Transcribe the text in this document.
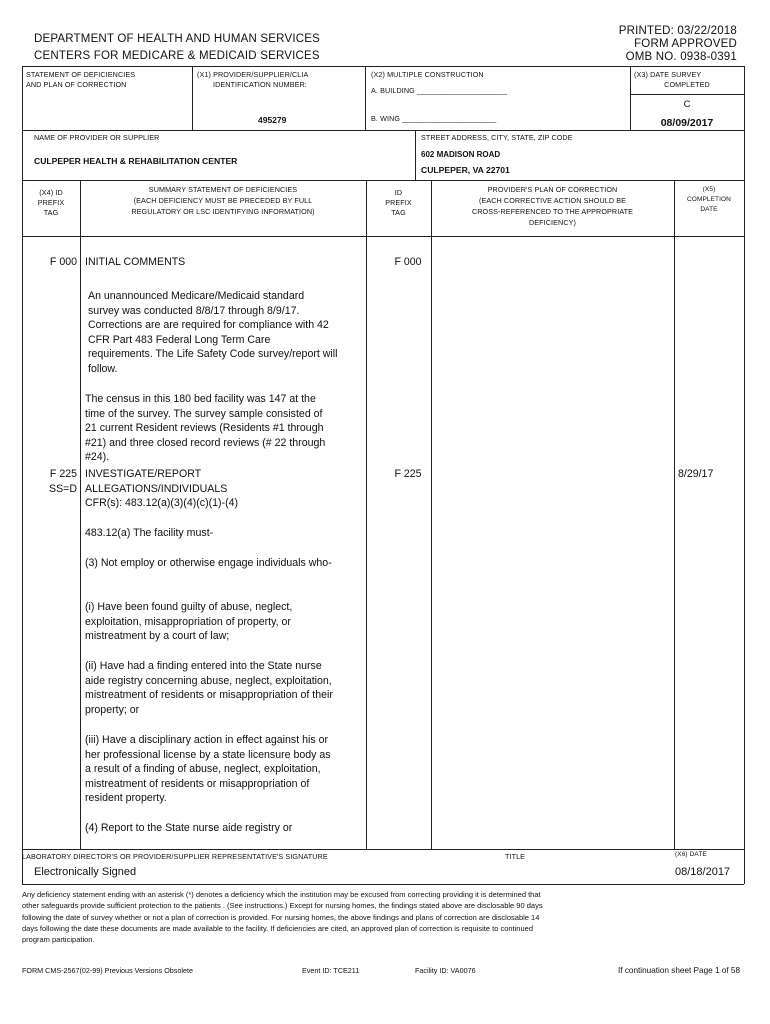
DEPARTMENT OF HEALTH AND HUMAN SERVICES
CENTERS FOR MEDICARE & MEDICAID SERVICES
PRINTED: 03/22/2018
FORM APPROVED
OMB NO. 0938-0391
STATEMENT OF DEFICIENCIES
AND PLAN OF CORRECTION
(X1) PROVIDER/SUPPLIER/CLIA
IDENTIFICATION NUMBER:
495279
(X2) MULTIPLE CONSTRUCTION
A. BUILDING ______________________
B. WING _______________________
(X3) DATE SURVEY
COMPLETED
C
08/09/2017
NAME OF PROVIDER OR SUPPLIER
CULPEPER HEALTH & REHABILITATION CENTER
STREET ADDRESS, CITY, STATE, ZIP CODE
602 MADISON ROAD
CULPEPER, VA 22701
(X4) ID
PREFIX
TAG
SUMMARY STATEMENT OF DEFICIENCIES
(EACH DEFICIENCY MUST BE PRECEDED BY FULL
REGULATORY OR LSC IDENTIFYING INFORMATION)
ID
PREFIX
TAG
PROVIDER'S PLAN OF CORRECTION
(EACH CORRECTIVE ACTION SHOULD BE
CROSS-REFERENCED TO THE APPROPRIATE
DEFICIENCY)
(X5)
COMPLETION
DATE
F 000 INITIAL COMMENTS	F 000
An unannounced Medicare/Medicaid standard survey was conducted 8/8/17 through 8/9/17. Corrections are are required for compliance with 42 CFR Part 483 Federal Long Term Care requirements. The Life Safety Code survey/report will follow.
The census in this 180 bed facility was 147 at the time of the survey. The survey sample consisted of 21 current Resident reviews (Residents #1 through #21) and three closed record reviews (# 22 through #24).
F 225
SS=D
INVESTIGATE/REPORT
ALLEGATIONS/INDIVIDUALS
CFR(s): 483.12(a)(3)(4)(c)(1)-(4)
F 225	8/29/17
483.12(a) The facility must-
(3) Not employ or otherwise engage individuals who-
(i) Have been found guilty of abuse, neglect, exploitation, misappropriation of property, or mistreatment by a court of law;
(ii) Have had a finding entered into the State nurse aide registry concerning abuse, neglect, exploitation, mistreatment of residents or misappropriation of their property; or
(iii) Have a disciplinary action in effect against his or her professional license by a state licensure body as a result of a finding of abuse, neglect, exploitation, mistreatment of residents or misappropriation of resident property.
(4) Report to the State nurse aide registry or
LABORATORY DIRECTOR'S OR PROVIDER/SUPPLIER REPRESENTATIVE'S SIGNATURE	TITLE	(X6) DATE
Electronically Signed	08/18/2017
Any deficiency statement ending with an asterisk (*) denotes a deficiency which the institution may be excused from correcting providing it is determined that
other safeguards provide sufficient protection to the patients . (See instructions.) Except for nursing homes, the findings stated above are disclosable 90 days
following the date of survey whether or not a plan of correction is provided. For nursing homes, the above findings and plans of correction are disclosable 14
days following the date these documents are made available to the facility. If deficiencies are cited, an approved plan of correction is requisite to continued
program participation.
FORM CMS-2567(02-99) Previous Versions Obsolete	Event ID: TCE211	Facility ID: VA0076	If continuation sheet Page 1 of 58
